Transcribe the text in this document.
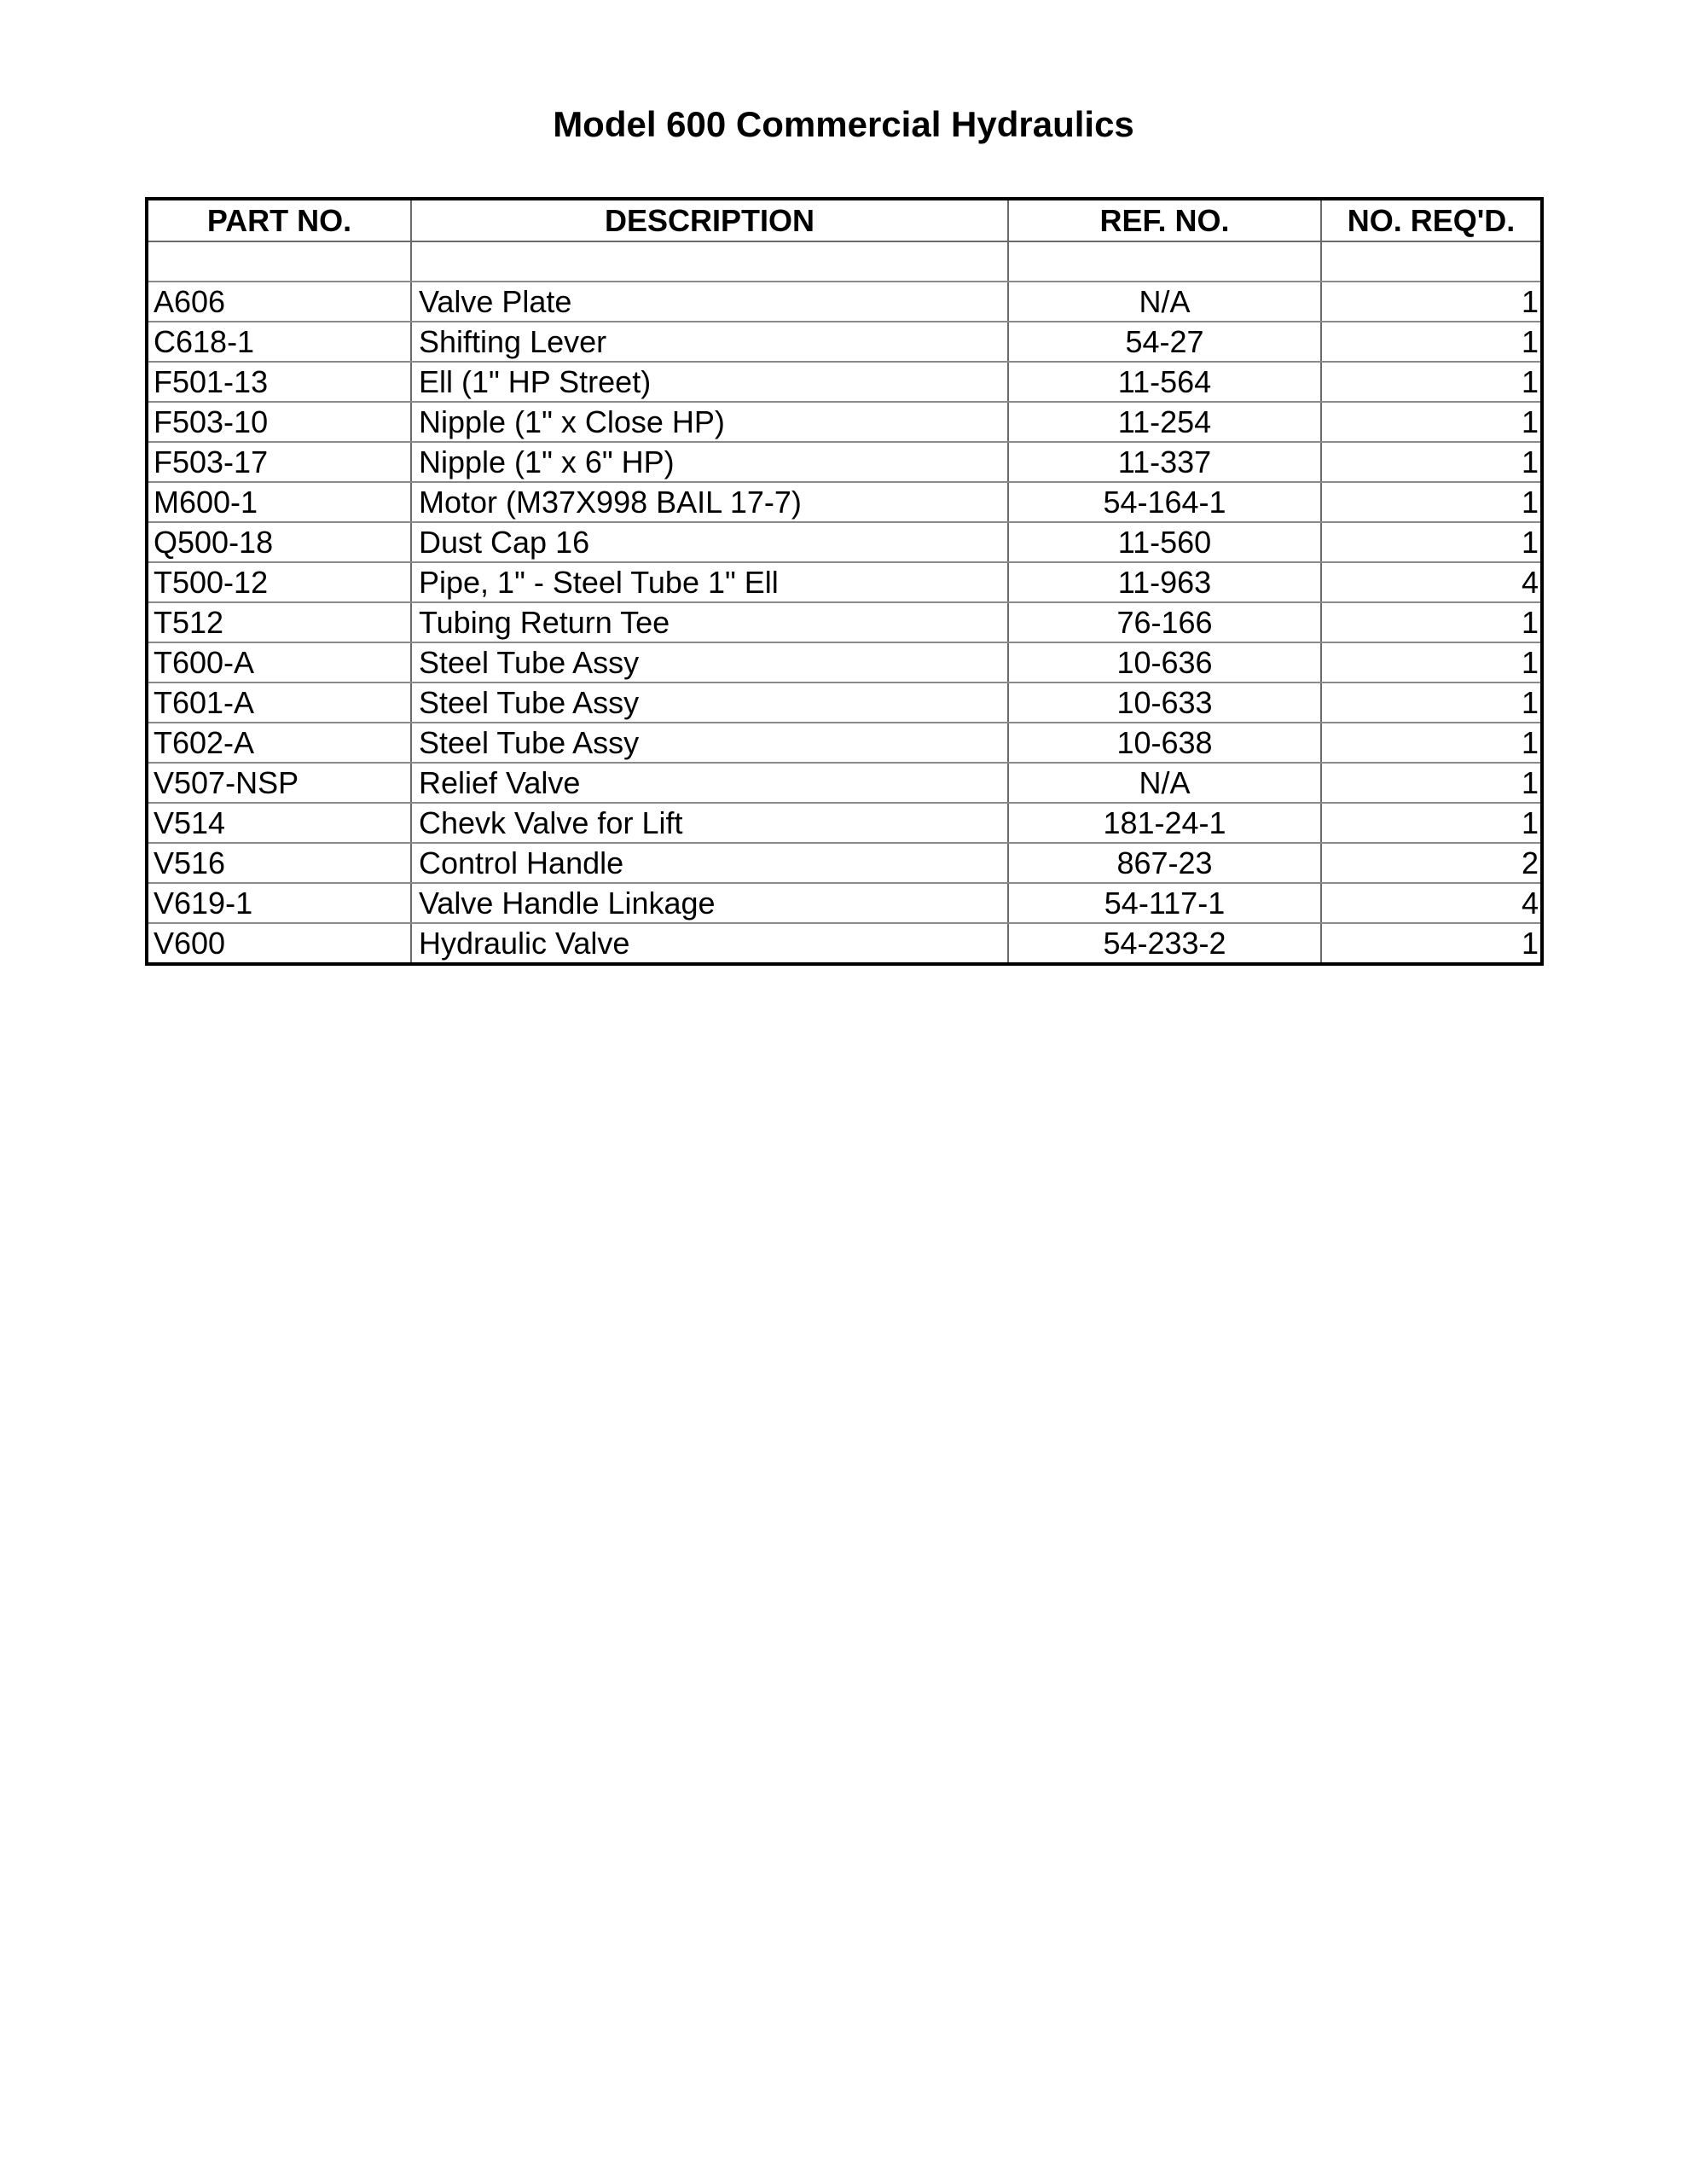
Model 600 Commercial Hydraulics
PART NO.	DESCRIPTION	REF. NO.	NO. REQ'D.

A606	Valve Plate	N/A	1
C618-1	Shifting Lever	54-27	1
F501-13	Ell (1" HP Street)	11-564	1
F503-10	Nipple (1" x Close HP)	11-254	1
F503-17	Nipple (1" x 6" HP)	11-337	1
M600-1	Motor (M37X998 BAIL 17-7)	54-164-1	1
Q500-18	Dust Cap 16	11-560	1
T500-12	Pipe, 1" - Steel Tube 1" Ell	11-963	4
T512	Tubing Return Tee	76-166	1
T600-A	Steel Tube Assy	10-636	1
T601-A	Steel Tube Assy	10-633	1
T602-A	Steel Tube Assy	10-638	1
V507-NSP	Relief Valve	N/A	1
V514	Chevk Valve for Lift	181-24-1	1
V516	Control Handle	867-23	2
V619-1	Valve Handle Linkage	54-117-1	4
V600	Hydraulic Valve	54-233-2	1
